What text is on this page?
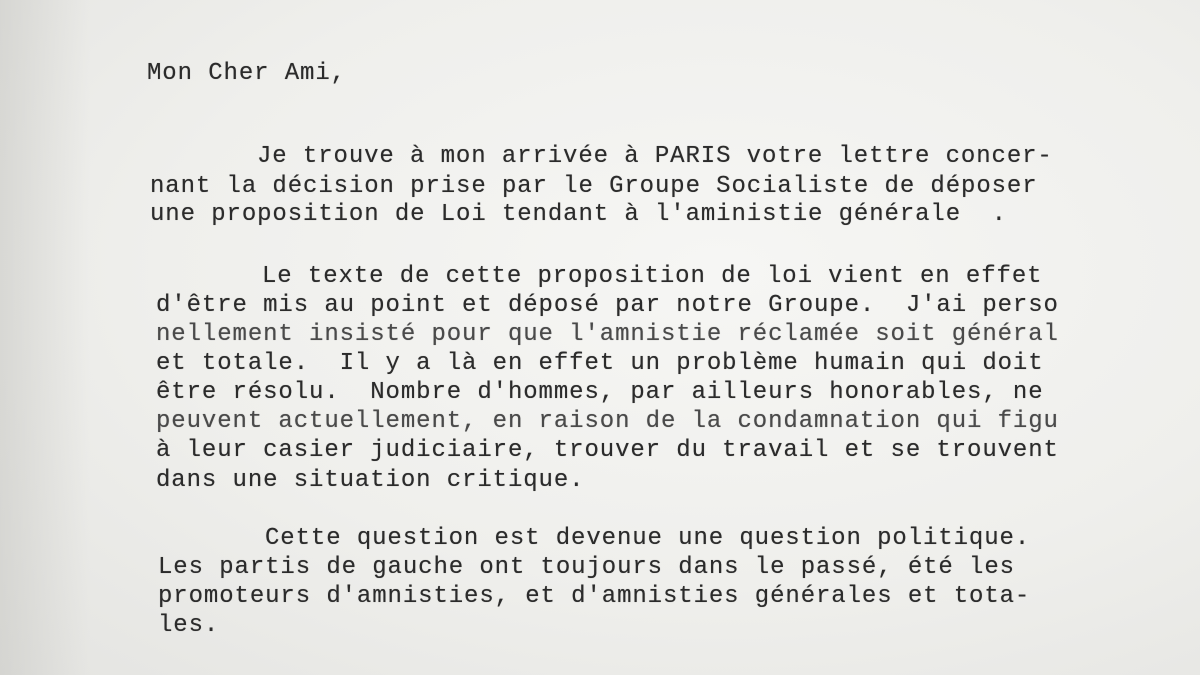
Mon Cher Ami,
Je trouve à mon arrivée à PARIS votre lettre concer-
nant la décision prise par le Groupe Socialiste de déposer
une proposition de Loi tendant à l'aministie générale  .
Le texte de cette proposition de loi vient en effet
d'être mis au point et déposé par notre Groupe.  J'ai perso
nellement insisté pour que l'amnistie réclamée soit général
et totale.  Il y a là en effet un problème humain qui doit
être résolu.  Nombre d'hommes, par ailleurs honorables, ne
peuvent actuellement, en raison de la condamnation qui figu
à leur casier judiciaire, trouver du travail et se trouvent
dans une situation critique.
Cette question est devenue une question politique.
Les partis de gauche ont toujours dans le passé, été les
promoteurs d'amnisties, et d'amnisties générales et tota-
les.
